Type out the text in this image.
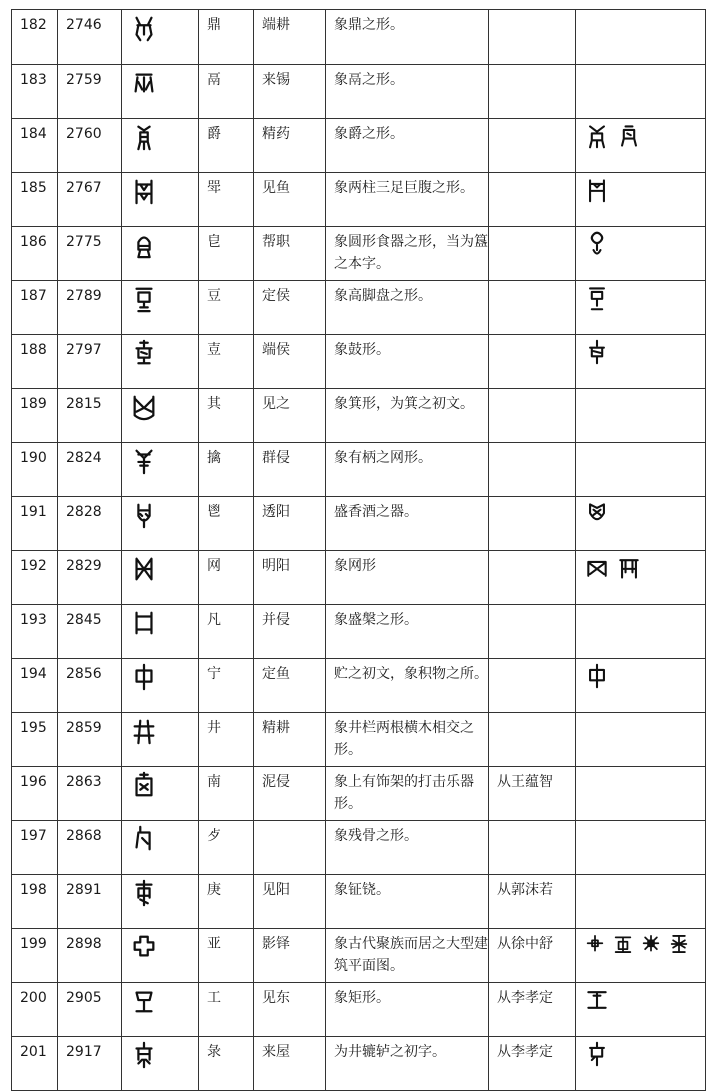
182	2746		鼎	端耕	象鼎之形。		
183	2759		鬲	来锡	象鬲之形。		
184	2760		爵	精药	象爵之形。		
185	2767		斝	见鱼	象两柱三足巨腹之形。		
186	2775		皀	帮职	象圆形食器之形，当为簋之本字。		
187	2789		豆	定侯	象高脚盘之形。		
188	2797		壴	端侯	象鼓形。		
189	2815		其	见之	象箕形，为箕之初文。		
190	2824		擒	群侵	象有柄之网形。		
191	2828		鬯	透阳	盛香酒之器。		
192	2829		网	明阳	象网形		
193	2845		凡	并侵	象盛槃之形。		
194	2856		宁	定鱼	贮之初文，象积物之所。		
195	2859		井	精耕	象井栏两根横木相交之形。		
196	2863		南	泥侵	象上有饰架的打击乐器形。	从王蕴智	
197	2868		歺		象残骨之形。		
198	2891		庚	见阳	象钲铙。	从郭沫若	
199	2898		亚	影铎	象古代聚族而居之大型建筑平面图。	从徐中舒	
200	2905		工	见东	象矩形。	从李孝定	
201	2917		彔	来屋	为井辘轳之初字。	从李孝定	
